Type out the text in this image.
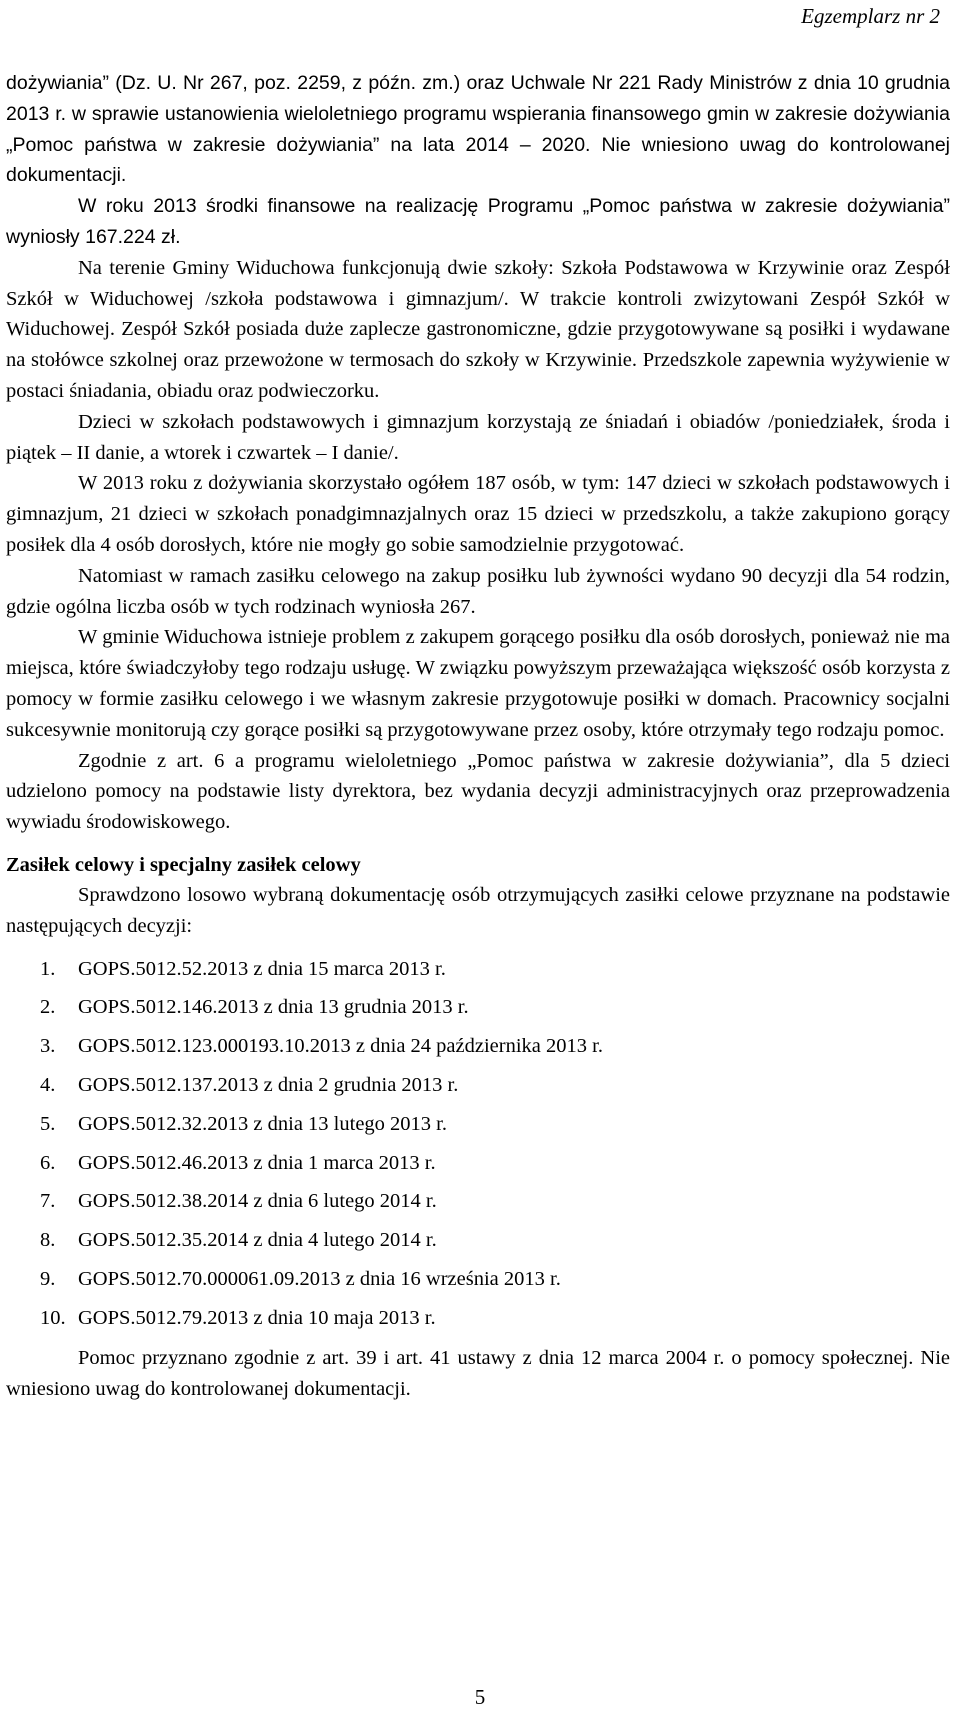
Egzemplarz nr 2

dożywiania” (Dz. U. Nr 267, poz. 2259, z późn. zm.) oraz Uchwale Nr 221 Rady Ministrów z dnia 10 grudnia 2013 r. w sprawie ustanowienia wieloletniego programu wspierania finansowego gmin w zakresie dożywiania „Pomoc państwa w zakresie dożywiania” na lata 2014 – 2020. Nie wniesiono uwag do kontrolowanej dokumentacji.

W roku 2013 środki finansowe na realizację Programu „Pomoc państwa w zakresie dożywiania” wyniosły 167.224 zł.

Na terenie Gminy Widuchowa funkcjonują dwie szkoły: Szkoła Podstawowa w Krzywinie oraz Zespół Szkół w Widuchowej /szkoła podstawowa i gimnazjum/. W trakcie kontroli zwizytowani Zespół Szkół w Widuchowej. Zespół Szkół posiada duże zaplecze gastronomiczne, gdzie przygotowywane są posiłki i wydawane na stołówce szkolnej oraz przewożone w termosach do szkoły w Krzywinie. Przedszkole zapewnia wyżywienie w postaci śniadania, obiadu oraz podwieczorku.

Dzieci w szkołach podstawowych i gimnazjum korzystają ze śniadań i obiadów /poniedziałek, środa i piątek – II danie, a wtorek i czwartek – I danie/.

W 2013 roku z dożywiania skorzystało ogółem 187 osób, w tym: 147 dzieci w szkołach podstawowych i gimnazjum, 21 dzieci w szkołach ponadgimnazjalnych oraz 15 dzieci w przedszkolu, a także zakupiono gorący posiłek dla 4 osób dorosłych, które nie mogły go sobie samodzielnie przygotować.

Natomiast w ramach zasiłku celowego na zakup posiłku lub żywności wydano 90 decyzji dla 54 rodzin, gdzie ogólna liczba osób w tych rodzinach wyniosła 267.

W gminie Widuchowa istnieje problem z zakupem gorącego posiłku dla osób dorosłych, ponieważ nie ma miejsca, które świadczyłoby tego rodzaju usługę. W związku powyższym przeważająca większość osób korzysta z pomocy w formie zasiłku celowego i we własnym zakresie przygotowuje posiłki w domach. Pracownicy socjalni sukcesywnie monitorują czy gorące posiłki są przygotowywane przez osoby, które otrzymały tego rodzaju pomoc.

Zgodnie z art. 6 a programu wieloletniego „Pomoc państwa w zakresie dożywiania”, dla 5 dzieci udzielono pomocy na podstawie listy dyrektora, bez wydania decyzji administracyjnych oraz przeprowadzenia wywiadu środowiskowego.

Zasiłek celowy i specjalny zasiłek celowy

Sprawdzono losowo wybraną dokumentację osób otrzymujących zasiłki celowe przyznane na podstawie następujących decyzji:

1. GOPS.5012.52.2013 z dnia 15 marca 2013 r.
2. GOPS.5012.146.2013 z dnia 13 grudnia 2013 r.
3. GOPS.5012.123.000193.10.2013 z dnia 24 października 2013 r.
4. GOPS.5012.137.2013 z dnia 2 grudnia 2013 r.
5. GOPS.5012.32.2013 z dnia 13 lutego 2013 r.
6. GOPS.5012.46.2013 z dnia 1 marca 2013 r.
7. GOPS.5012.38.2014 z dnia 6 lutego 2014 r.
8. GOPS.5012.35.2014 z dnia 4 lutego 2014 r.
9. GOPS.5012.70.000061.09.2013 z dnia 16 września 2013 r.
10. GOPS.5012.79.2013 z dnia 10 maja 2013 r.

Pomoc przyznano zgodnie z art. 39 i art. 41 ustawy z dnia 12 marca 2004 r. o pomocy społecznej. Nie wniesiono uwag do kontrolowanej dokumentacji.

5
